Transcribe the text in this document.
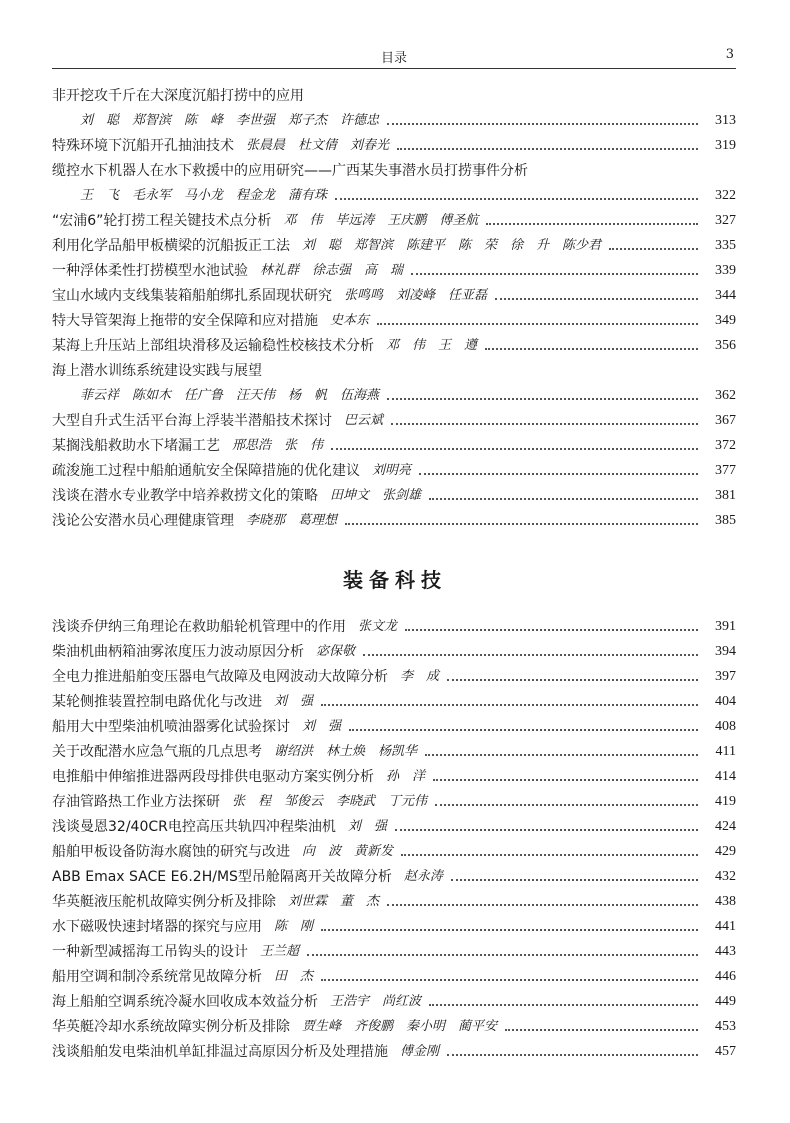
目录	3
非开挖攻千斤在大深度沉船打捞中的应用
刘　聪　郑智滨　陈　峰　李世强　郑子杰　许德忠	313
特殊环境下沉船开孔抽油技术 张晨晨　杜文倩　刘春光	319
缆控水下机器人在水下救援中的应用研究——广西某失事潜水员打捞事件分析
王　飞　毛永军　马小龙　程金龙　蒲有珠	322
“宏浦6”轮打捞工程关键技术点分析 邓　伟　毕远涛　王庆鹏　傅圣航	327
利用化学品船甲板横梁的沉船扳正工法 刘　聪　郑智滨　陈建平　陈　荣　徐　升　陈少君	335
一种浮体柔性打捞模型水池试验 林礼群　徐志强　高　瑞	339
宝山水域内支线集装箱船舶绑扎系固现状研究 张鸣鸣　刘凌峰　任亚磊	344
特大导管架海上拖带的安全保障和应对措施 史本东	349
某海上升压站上部组块滑移及运输稳性校核技术分析 邓　伟　王　遵	356
海上潜水训练系统建设实践与展望
菲云祥　陈如木　任广鲁　汪天伟　杨　帆　伍海燕	362
大型自升式生活平台海上浮装半潜船技术探讨 巴云斌	367
某搁浅船救助水下堵漏工艺 邢思浩　张　伟	372
疏浚施工过程中船舶通航安全保障措施的优化建议 刘明亮	377
浅谈在潜水专业教学中培养救捞文化的策略 田坤文　张剑雄	381
浅论公安潜水员心理健康管理 李晓那　葛理想	385
装备科技
浅谈乔伊纳三角理论在救助船轮机管理中的作用 张文龙	391
柴油机曲柄箱油雾浓度压力波动原因分析 宓保敬	394
全电力推进船舶变压器电气故障及电网波动大故障分析 李　成	397
某轮侧推装置控制电路优化与改进 刘　强	404
船用大中型柴油机喷油器雾化试验探讨 刘　强	408
关于改配潜水应急气瓶的几点思考 谢绍洪　林土焕　杨凯华	411
电推船中伸缩推进器两段母排供电驱动方案实例分析 孙　洋	414
存油管路热工作业方法探研 张　程　邹俊云　李晓武　丁元伟	419
浅谈曼恩32/40CR电控高压共轨四冲程柴油机 刘　强	424
船舶甲板设备防海水腐蚀的研究与改进 向　波　黄新发	429
ABB Emax SACE E6.2H/MS型吊舱隔离开关故障分析 赵永涛	432
华英艇液压舵机故障实例分析及排除 刘世霖　董　杰	438
水下磁吸快速封堵器的探究与应用 陈　刚	441
一种新型减摇海工吊钩头的设计 王兰超	443
船用空调和制冷系统常见故障分析 田　杰	446
海上船舶空调系统冷凝水回收成本效益分析 王浩宇　尚红波	449
华英艇冷却水系统故障实例分析及排除 贾生峰　齐俊鹏　秦小明　蔺平安	453
浅谈船舶发电柴油机单缸排温过高原因分析及处理措施 傅金刚	457
